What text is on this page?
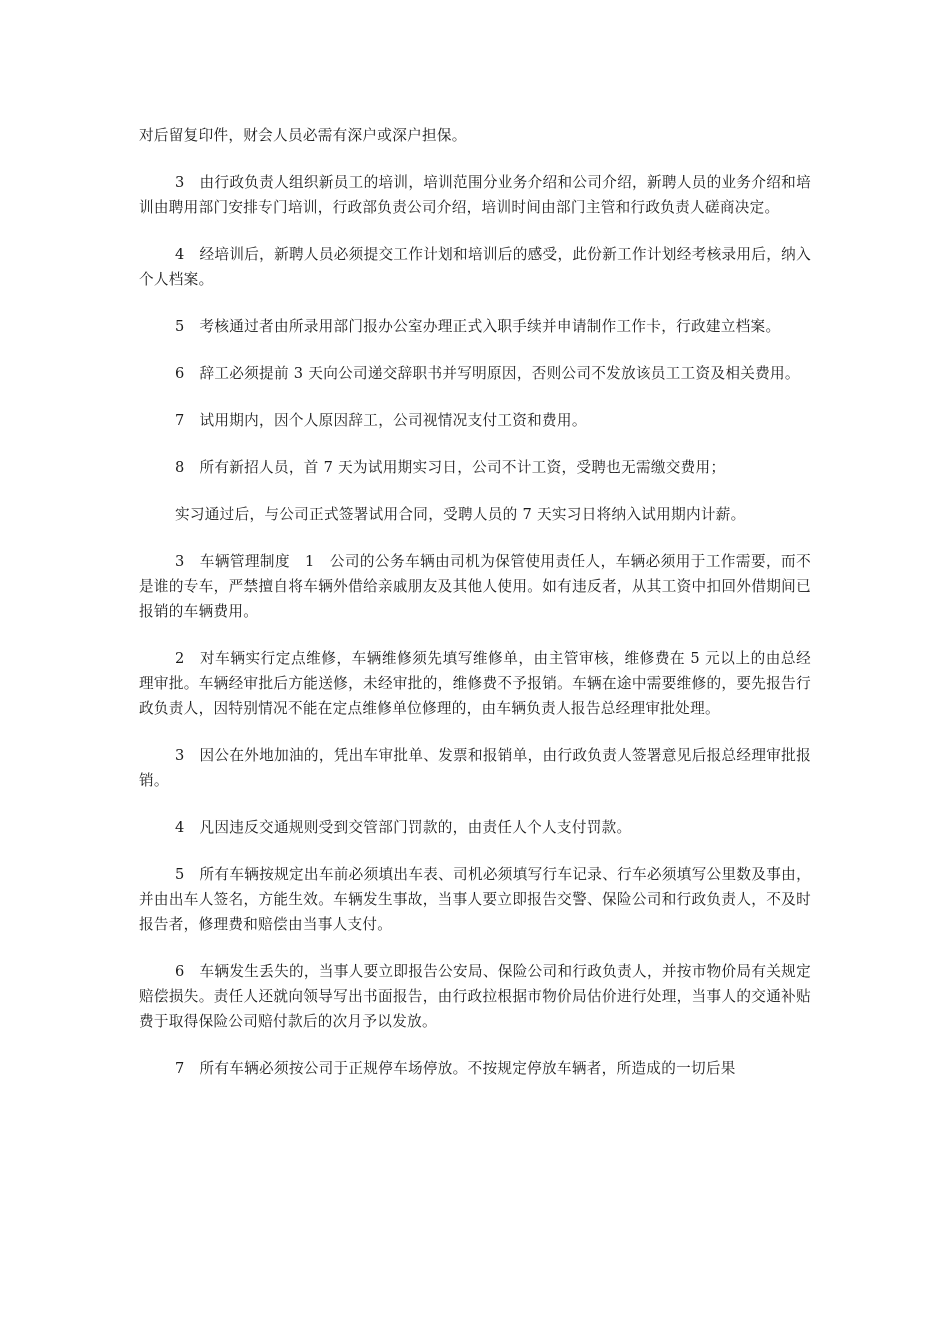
对后留复印件，财会人员必需有深户或深户担保。

3　由行政负责人组织新员工的培训，培训范围分业务介绍和公司介绍，新聘人员的业务介绍和培训由聘用部门安排专门培训，行政部负责公司介绍，培训时间由部门主管和行政负责人磋商决定。

4　经培训后，新聘人员必须提交工作计划和培训后的感受，此份新工作计划经考核录用后，纳入个人档案。

5　考核通过者由所录用部门报办公室办理正式入职手续并申请制作工作卡，行政建立档案。

6　辞工必须提前 3 天向公司递交辞职书并写明原因，否则公司不发放该员工工资及相关费用。

7　试用期内，因个人原因辞工，公司视情况支付工资和费用。

8　所有新招人员，首 7 天为试用期实习日，公司不计工资，受聘也无需缴交费用；

实习通过后，与公司正式签署试用合同，受聘人员的 7 天实习日将纳入试用期内计薪。

3　车辆管理制度　1　公司的公务车辆由司机为保管使用责任人，车辆必须用于工作需要，而不是谁的专车，严禁擅自将车辆外借给亲戚朋友及其他人使用。如有违反者，从其工资中扣回外借期间已报销的车辆费用。

2　对车辆实行定点维修，车辆维修须先填写维修单，由主管审核，维修费在 5 元以上的由总经理审批。车辆经审批后方能送修，未经审批的，维修费不予报销。车辆在途中需要维修的，要先报告行政负责人，因特别情况不能在定点维修单位修理的，由车辆负责人报告总经理审批处理。

3　因公在外地加油的，凭出车审批单、发票和报销单，由行政负责人签署意见后报总经理审批报销。

4　凡因违反交通规则受到交管部门罚款的，由责任人个人支付罚款。

5　所有车辆按规定出车前必须填出车表、司机必须填写行车记录、行车必须填写公里数及事由，并由出车人签名，方能生效。车辆发生事故，当事人要立即报告交警、保险公司和行政负责人，不及时报告者，修理费和赔偿由当事人支付。

6　车辆发生丢失的，当事人要立即报告公安局、保险公司和行政负责人，并按市物价局有关规定赔偿损失。责任人还就向领导写出书面报告，由行政拉根据市物价局估价进行处理，当事人的交通补贴费于取得保险公司赔付款后的次月予以发放。

7　所有车辆必须按公司于正规停车场停放。不按规定停放车辆者，所造成的一切后果
